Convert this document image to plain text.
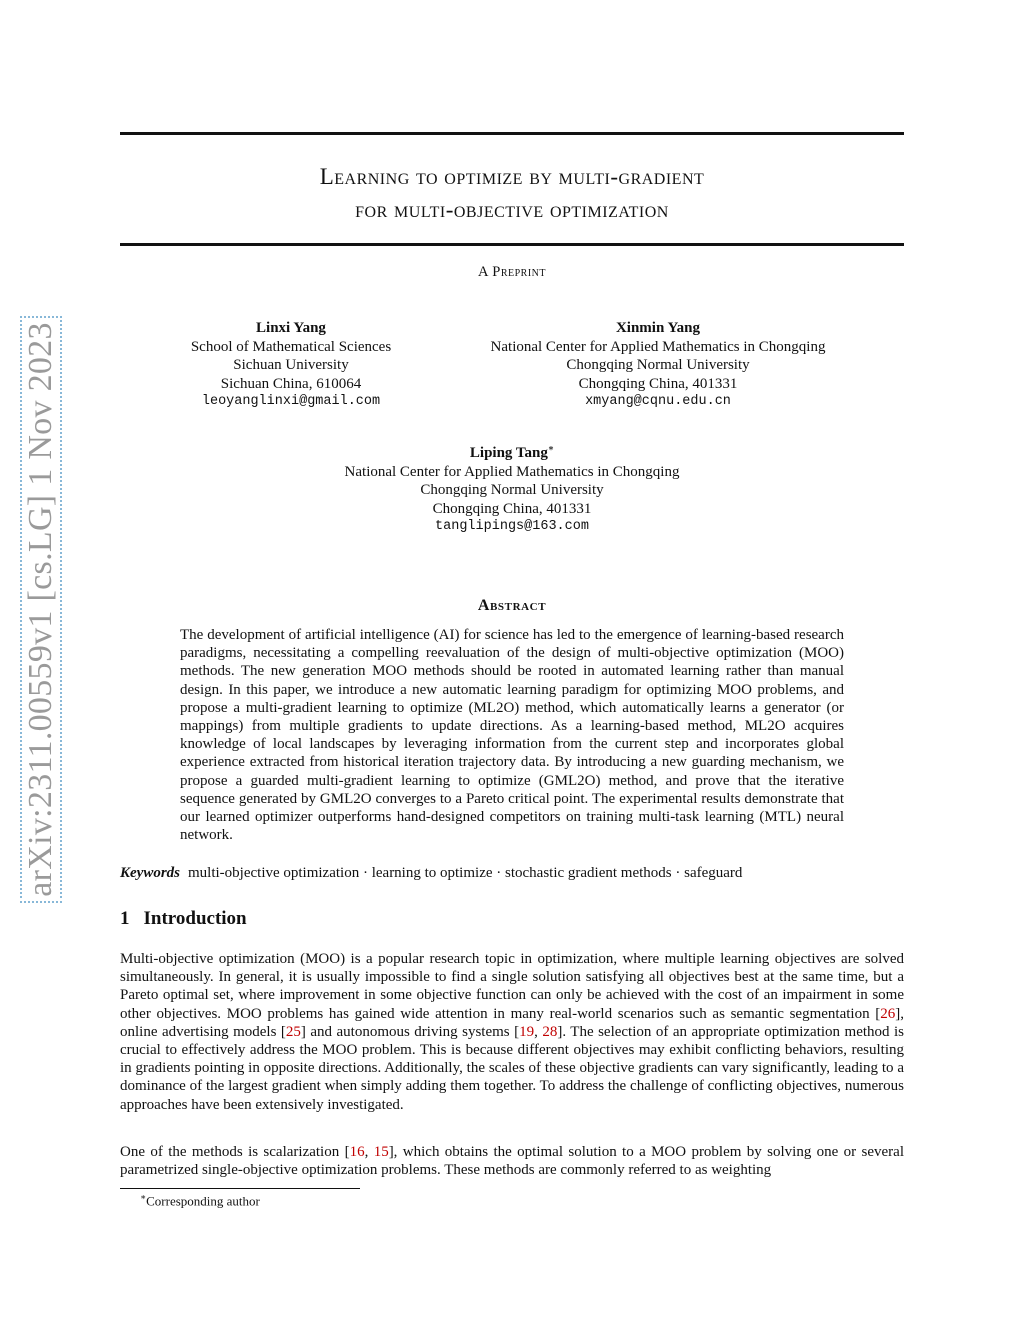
arXiv:2311.00559v1 [cs.LG] 1 Nov 2023
Learning to optimize by multi-gradient
for multi-objective optimization
A Preprint
Linxi Yang
School of Mathematical Sciences
Sichuan University
Sichuan China, 610064
leoyanglinxi@gmail.com
Xinmin Yang
National Center for Applied Mathematics in Chongqing
Chongqing Normal University
Chongqing China, 401331
xmyang@cqnu.edu.cn
Liping Tang∗
National Center for Applied Mathematics in Chongqing
Chongqing Normal University
Chongqing China, 401331
tanglipings@163.com
Abstract
The development of artificial intelligence (AI) for science has led to the emergence of learning-based research paradigms, necessitating a compelling reevaluation of the design of multi-objective optimization (MOO) methods. The new generation MOO methods should be rooted in automated learning rather than manual design. In this paper, we introduce a new automatic learning paradigm for optimizing MOO problems, and propose a multi-gradient learning to optimize (ML2O) method, which automatically learns a generator (or mappings) from multiple gradients to update directions. As a learning-based method, ML2O acquires knowledge of local landscapes by leveraging information from the current step and incorporates global experience extracted from historical iteration trajectory data. By introducing a new guarding mechanism, we propose a guarded multi-gradient learning to optimize (GML2O) method, and prove that the iterative sequence generated by GML2O converges to a Pareto critical point. The experimental results demonstrate that our learned optimizer outperforms hand-designed competitors on training multi-task learning (MTL) neural network.
Keywords multi-objective optimization · learning to optimize · stochastic gradient methods · safeguard
1 Introduction
Multi-objective optimization (MOO) is a popular research topic in optimization, where multiple learning objectives are solved simultaneously. In general, it is usually impossible to find a single solution satisfying all objectives best at the same time, but a Pareto optimal set, where improvement in some objective function can only be achieved with the cost of an impairment in some other objectives. MOO problems has gained wide attention in many real-world scenarios such as semantic segmentation [26], online advertising models [25] and autonomous driving systems [19, 28]. The selection of an appropriate optimization method is crucial to effectively address the MOO problem. This is because different objectives may exhibit conflicting behaviors, resulting in gradients pointing in opposite directions. Additionally, the scales of these objective gradients can vary significantly, leading to a dominance of the largest gradient when simply adding them together. To address the challenge of conflicting objectives, numerous approaches have been extensively investigated.
One of the methods is scalarization [16, 15], which obtains the optimal solution to a MOO problem by solving one or several parametrized single-objective optimization problems. These methods are commonly referred to as weighting
∗Corresponding author
